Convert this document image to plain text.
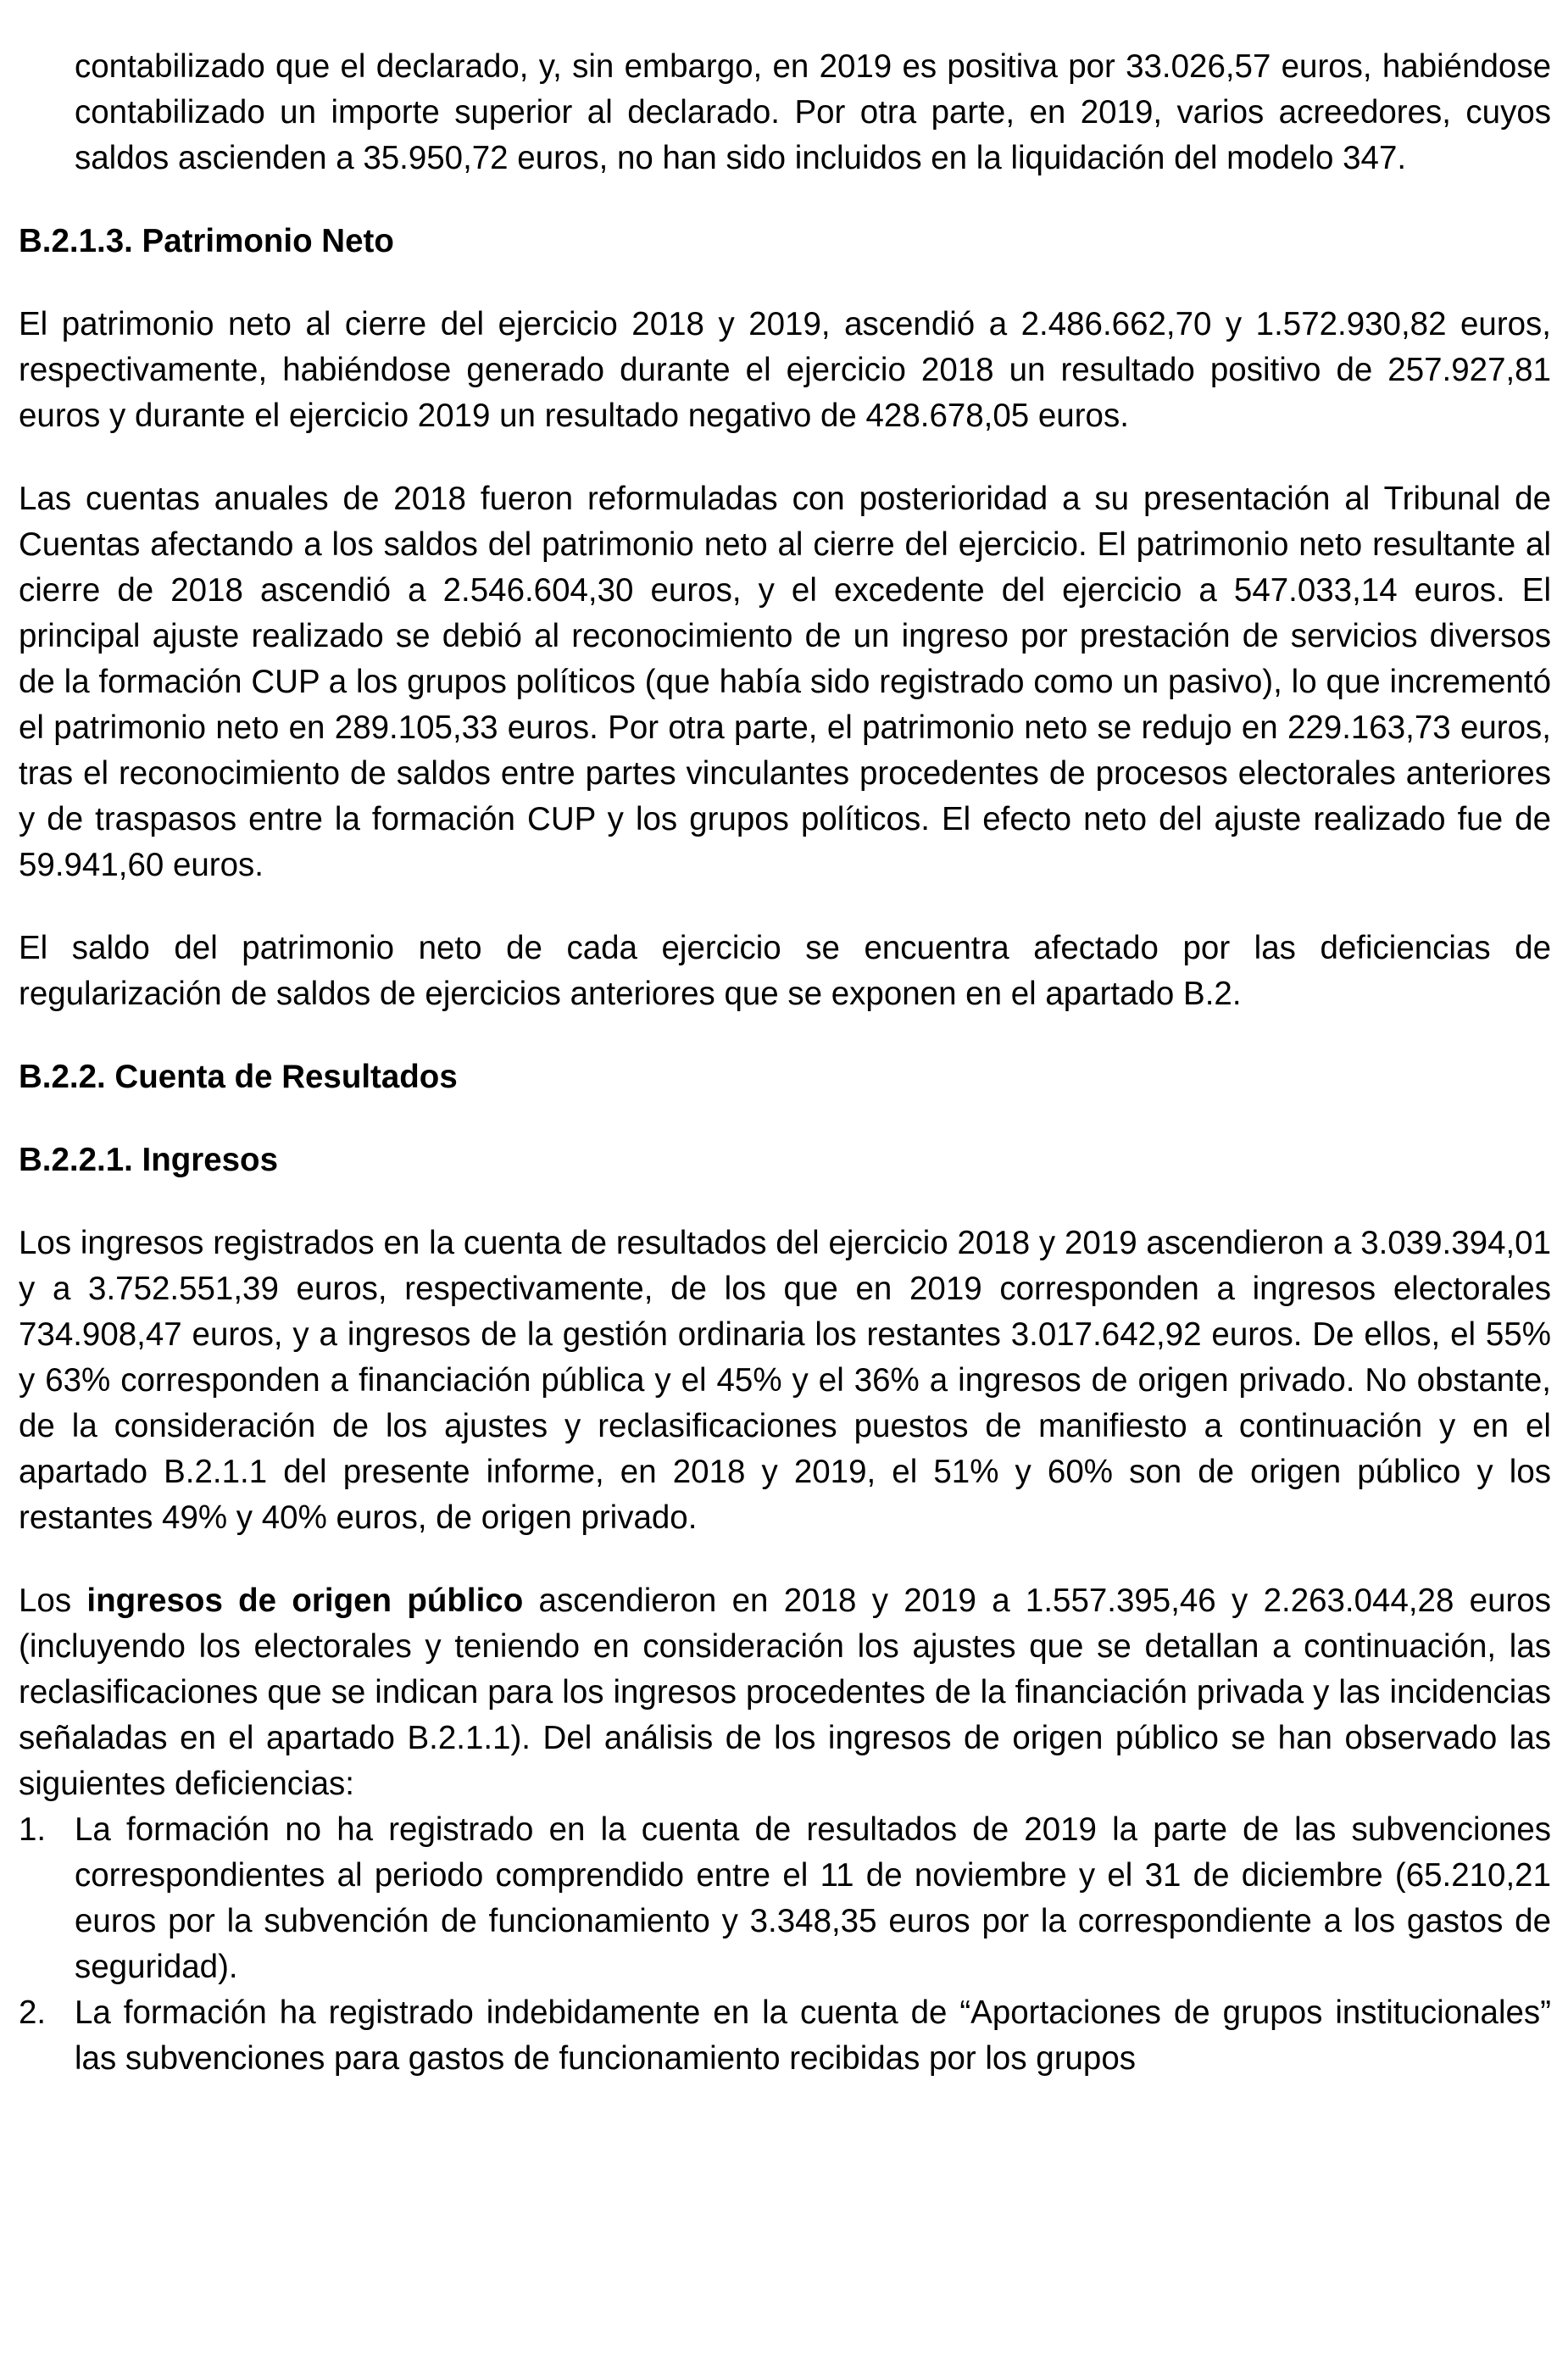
contabilizado que el declarado, y, sin embargo, en 2019 es positiva por 33.026,57 euros, habiéndose contabilizado un importe superior al declarado. Por otra parte, en 2019, varios acreedores, cuyos saldos ascienden a 35.950,72 euros, no han sido incluidos en la liquidación del modelo 347.

B.2.1.3. Patrimonio Neto

El patrimonio neto al cierre del ejercicio 2018 y 2019, ascendió a 2.486.662,70 y 1.572.930,82 euros, respectivamente, habiéndose generado durante el ejercicio 2018 un resultado positivo de 257.927,81 euros y durante el ejercicio 2019 un resultado negativo de 428.678,05 euros.

Las cuentas anuales de 2018 fueron reformuladas con posterioridad a su presentación al Tribunal de Cuentas afectando a los saldos del patrimonio neto al cierre del ejercicio. El patrimonio neto resultante al cierre de 2018 ascendió a 2.546.604,30 euros, y el excedente del ejercicio a 547.033,14 euros. El principal ajuste realizado se debió al reconocimiento de un ingreso por prestación de servicios diversos de la formación CUP a los grupos políticos (que había sido registrado como un pasivo), lo que incrementó el patrimonio neto en 289.105,33 euros. Por otra parte, el patrimonio neto se redujo en 229.163,73 euros, tras el reconocimiento de saldos entre partes vinculantes procedentes de procesos electorales anteriores y de traspasos entre la formación CUP y los grupos políticos. El efecto neto del ajuste realizado fue de 59.941,60 euros.

El saldo del patrimonio neto de cada ejercicio se encuentra afectado por las deficiencias de regularización de saldos de ejercicios anteriores que se exponen en el apartado B.2.

B.2.2. Cuenta de Resultados

B.2.2.1. Ingresos

Los ingresos registrados en la cuenta de resultados del ejercicio 2018 y 2019 ascendieron a 3.039.394,01 y a 3.752.551,39 euros, respectivamente, de los que en 2019 corresponden a ingresos electorales 734.908,47 euros, y a ingresos de la gestión ordinaria los restantes 3.017.642,92 euros. De ellos, el 55% y 63% corresponden a financiación pública y el 45% y el 36% a ingresos de origen privado. No obstante, de la consideración de los ajustes y reclasificaciones puestos de manifiesto a continuación y en el apartado B.2.1.1 del presente informe, en 2018 y 2019, el 51% y 60% son de origen público y los restantes 49% y 40% euros, de origen privado.

Los ingresos de origen público ascendieron en 2018 y 2019 a 1.557.395,46 y 2.263.044,28 euros (incluyendo los electorales y teniendo en consideración los ajustes que se detallan a continuación, las reclasificaciones que se indican para los ingresos procedentes de la financiación privada y las incidencias señaladas en el apartado B.2.1.1). Del análisis de los ingresos de origen público se han observado las siguientes deficiencias:

1. La formación no ha registrado en la cuenta de resultados de 2019 la parte de las subvenciones correspondientes al periodo comprendido entre el 11 de noviembre y el 31 de diciembre (65.210,21 euros por la subvención de funcionamiento y 3.348,35 euros por la correspondiente a los gastos de seguridad).
2. La formación ha registrado indebidamente en la cuenta de “Aportaciones de grupos institucionales” las subvenciones para gastos de funcionamiento recibidas por los grupos
